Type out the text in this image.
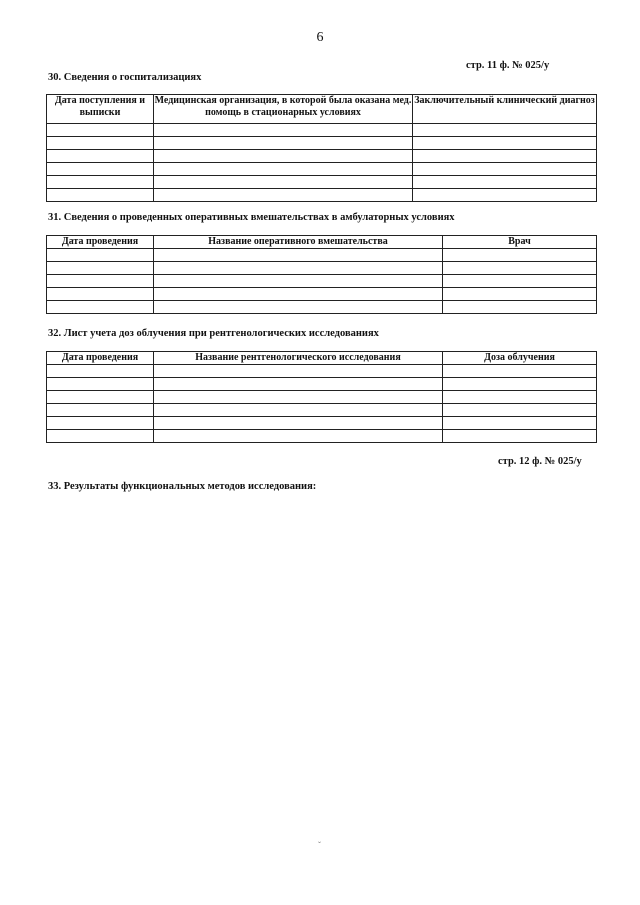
6
стр. 11 ф. № 025/у
30. Сведения о госпитализациях
Дата поступления и выписки	Медицинская организация, в которой была оказана мед. помощь в стационарных условиях	Заключительный клинический диагноз

31. Сведения о проведенных оперативных вмешательствах в амбулаторных условиях
Дата проведения	Название оперативного вмешательства	Врач

32. Лист учета доз облучения при рентгенологических исследованиях
Дата проведения	Название рентгенологического исследования	Доза облучения

стр. 12 ф. № 025/у
33. Результаты функциональных методов исследования:
ˇ
